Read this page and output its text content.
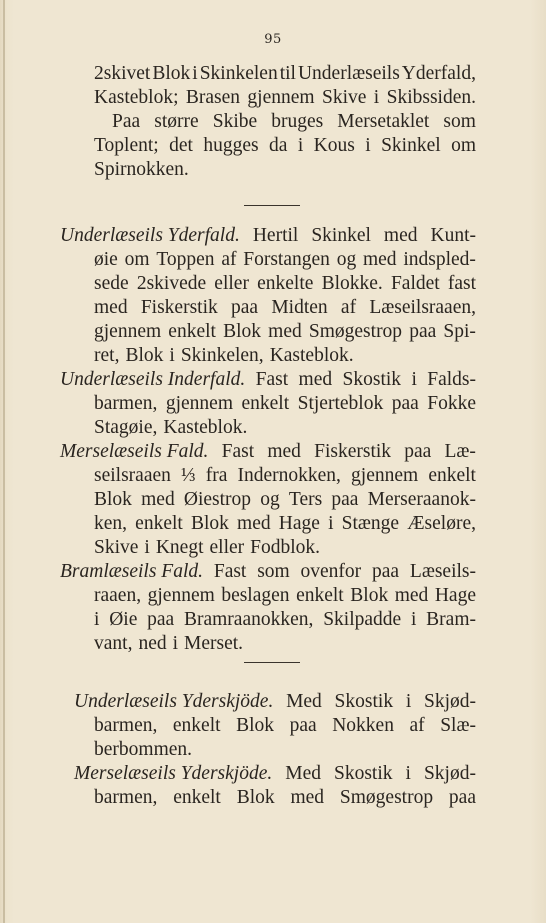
95
2skivet Blok i Skinkelen til Underlæseils Yderfald,
Kasteblok; Brasen gjennem Skive i Skibssiden.
Paa større Skibe bruges Mersetaklet som
Toplent; det hugges da i Kous i Skinkel om
Spirnokken.
Underlæseils Yderfald. Hertil Skinkel med Kunt-
øie om Toppen af Forstangen og med indspled-
sede 2skivede eller enkelte Blokke. Faldet fast
med Fiskerstik paa Midten af Læseilsraaen,
gjennem enkelt Blok med Smøgestrop paa Spi-
ret, Blok i Skinkelen, Kasteblok.
Underlæseils Inderfald. Fast med Skostik i Falds-
barmen, gjennem enkelt Stjerteblok paa Fokke
Stagøie, Kasteblok.
Merselæseils Fald. Fast med Fiskerstik paa Læ-
seilsraaen ⅓ fra Indernokken, gjennem enkelt
Blok med Øiestrop og Ters paa Merseraanok-
ken, enkelt Blok med Hage i Stænge Æseløre,
Skive i Knegt eller Fodblok.
Bramlæseils Fald. Fast som ovenfor paa Læseils-
raaen, gjennem beslagen enkelt Blok med Hage
i Øie paa Bramraanokken, Skilpadde i Bram-
vant, ned i Merset.
Underlæseils Yderskjöde. Med Skostik i Skjød-
barmen, enkelt Blok paa Nokken af Slæ-
berbommen.
Merselæseils Yderskjöde. Med Skostik i Skjød-
barmen, enkelt Blok med Smøgestrop paa
